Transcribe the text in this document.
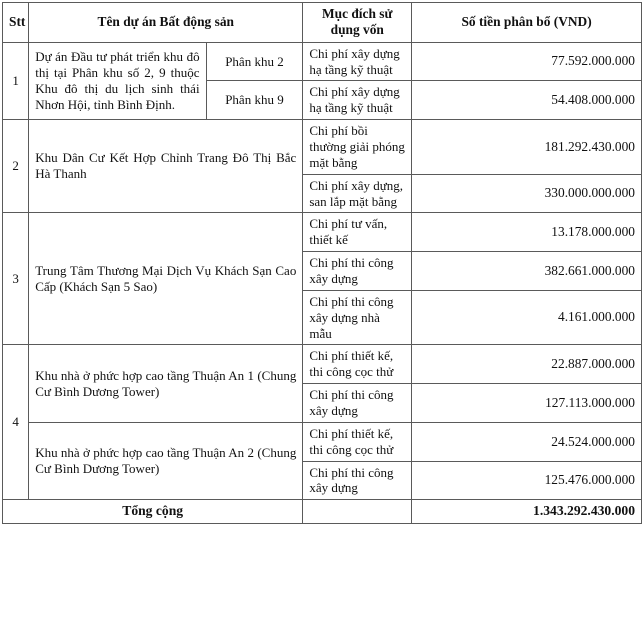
Stt	Tên dự án Bất động sản		Mục đích sử dụng vốn	Số tiền phân bổ (VND)
1	Dự án Đầu tư phát triển khu đô thị tại Phân khu số 2, 9 thuộc Khu đô thị du lịch sinh thái Nhơn Hội, tỉnh Bình Định.	Phân khu 2	Chi phí xây dựng hạ tầng kỹ thuật	77.592.000.000
		Phân khu 9	Chi phí xây dựng hạ tầng kỹ thuật	54.408.000.000
2	Khu Dân Cư Kết Hợp Chỉnh Trang Đô Thị Bắc Hà Thanh		Chi phí bồi thường giải phóng mặt bằng	181.292.430.000
			Chi phí xây dựng, san lắp mặt bằng	330.000.000.000
3	Trung Tâm Thương Mại Dịch Vụ Khách Sạn Cao Cấp (Khách Sạn 5 Sao)		Chi phí tư vấn, thiết kế	13.178.000.000
			Chi phí thi công xây dựng	382.661.000.000
			Chi phí thi công xây dựng nhà mẫu	4.161.000.000
4	Khu nhà ở phức hợp cao tầng Thuận An 1 (Chung Cư Bình Dương Tower)		Chi phí thiết kế, thi công cọc thử	22.887.000.000
			Chi phí thi công xây dựng	127.113.000.000
	Khu nhà ở phức hợp cao tầng Thuận An 2 (Chung Cư Bình Dương Tower)		Chi phí thiết kế, thi công cọc thử	24.524.000.000
			Chi phí thi công xây dựng	125.476.000.000
Tổng cộng				1.343.292.430.000
